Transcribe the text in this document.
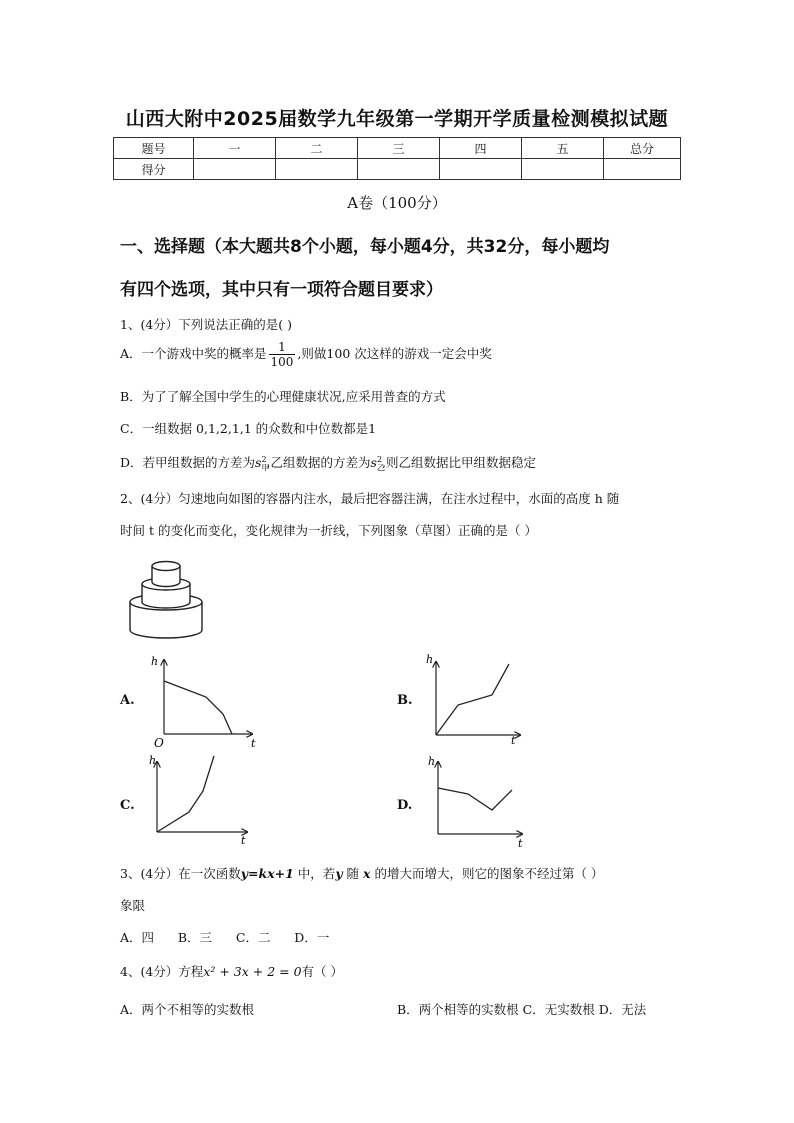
山西大附中2025届数学九年级第一学期开学质量检测模拟试题
题号	一	二	三	四	五	总分
得分						
A卷（100分）
一、选择题（本大题共8个小题，每小题4分，共32分，每小题均
有四个选项，其中只有一项符合题目要求）
1、(4分）下列说法正确的是( )
A．一个游戏中奖的概率是 $\frac{1}{100}$ ,则做100 次这样的游戏一定会中奖
B．为了了解全国中学生的心理健康状况,应采用普查的方式
C．一组数据 0,1,2,1,1 的众数和中位数都是1
D．若甲组数据的方差为$s_甲^2$,乙组数据的方差为$s_乙^2$,则乙组数据比甲组数据稳定
2、(4分）匀速地向如图的容器内注水，最后把容器注满，在注水过程中，水面的高度 h 随
时间 t 的变化而变化，变化规律为一折线，下列图象（草图）正确的是（ ）
A.	B.
C.	D.
h
t
O
h
t
h
t
h
t
3、(4分）在一次函数y=kx+1 中，若y 随 x 的增大而增大，则它的图象不经过第（ ）
象限
A．四      B．三      C．二      D．一
4、(4分）方程x² + 3x + 2 = 0有（ ）
A．两个不相等的实数根	B．两个相等的实数根 C．无实数根 D．无法
